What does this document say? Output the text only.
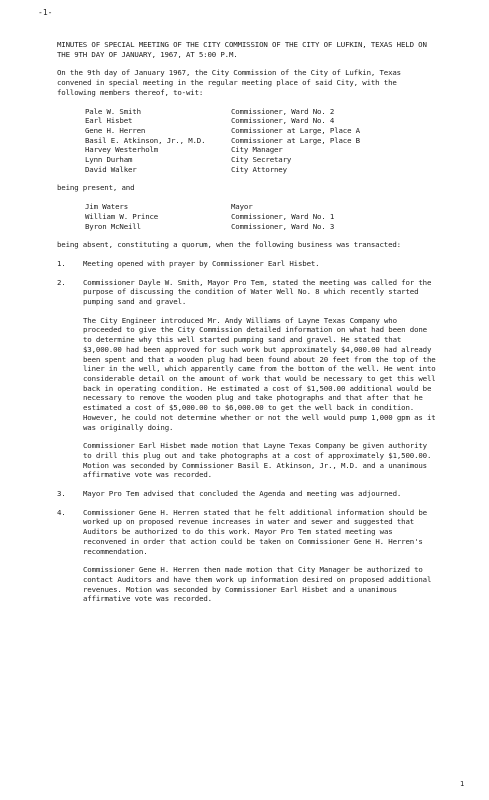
-1-

MINUTES OF SPECIAL MEETING OF THE CITY COMMISSION OF THE CITY OF LUFKIN, TEXAS HELD ON THE 9TH DAY OF JANUARY, 1967, AT 5:00 P.M.

On the 9th day of January 1967, the City Commission of the City of Lufkin, Texas convened in special meeting in the regular meeting place of said City, with the following members thereof, to-wit:

Pale W. Smith	Commissioner, Ward No. 2
Earl Hisbet	Commissioner, Ward No. 4
Gene H. Herren	Commissioner at Large, Place A
Basil E. Atkinson, Jr., M.D.	Commissioner at Large, Place B
Harvey Westerholm	City Manager
Lynn Durham	City Secretary
David Walker	City Attorney

being present, and

Jim Waters	Mayor
William W. Prince	Commissioner, Ward No. 1
Byron McNeill	Commissioner, Ward No. 3

being absent, constituting a quorum, when the following business was transacted:

1.	Meeting opened with prayer by Commissioner Earl Hisbet.

2.	Commissioner Dayle W. Smith, Mayor Pro Tem, stated the meeting was called for the purpose of discussing the condition of Water Well No. 8 which recently started pumping sand and gravel.

The City Engineer introduced Mr. Andy Williams of Layne Texas Company who proceeded to give the City Commission detailed information on what had been done to determine why this well started pumping sand and gravel. He stated that $3,000.00 had been approved for such work but approximately $4,000.00 had already been spent and that a wooden plug had been found about 20 feet from the top of the liner in the well, which apparently came from the bottom of the well. He went into considerable detail on the amount of work that would be necessary to get this well back in operating condition. He estimated a cost of $1,500.00 additional would be necessary to remove the wooden plug and take photographs and that after that he estimated a cost of $5,000.00 to $6,000.00 to get the well back in condition. However, he could not determine whether or not the well would pump 1,000 gpm as it was originally doing.

Commissioner Earl Hisbet made motion that Layne Texas Company be given authority to drill this plug out and take photographs at a cost of approximately $1,500.00. Motion was seconded by Commissioner Basil E. Atkinson, Jr., M.D. and a unanimous affirmative vote was recorded.

3.	Mayor Pro Tem advised that concluded the Agenda and meeting was adjourned.

4.	Commissioner Gene H. Herren stated that he felt additional information should be worked up on proposed revenue increases in water and sewer and suggested that Auditors be authorized to do this work. Mayor Pro Tem stated meeting was reconvened in order that action could be taken on Commissioner Gene H. Herren's recommendation.

Commissioner Gene H. Herren then made motion that City Manager be authorized to contact Auditors and have them work up information desired on proposed additional revenues. Motion was seconded by Commissioner Earl Hisbet and a unanimous affirmative vote was recorded.

1
